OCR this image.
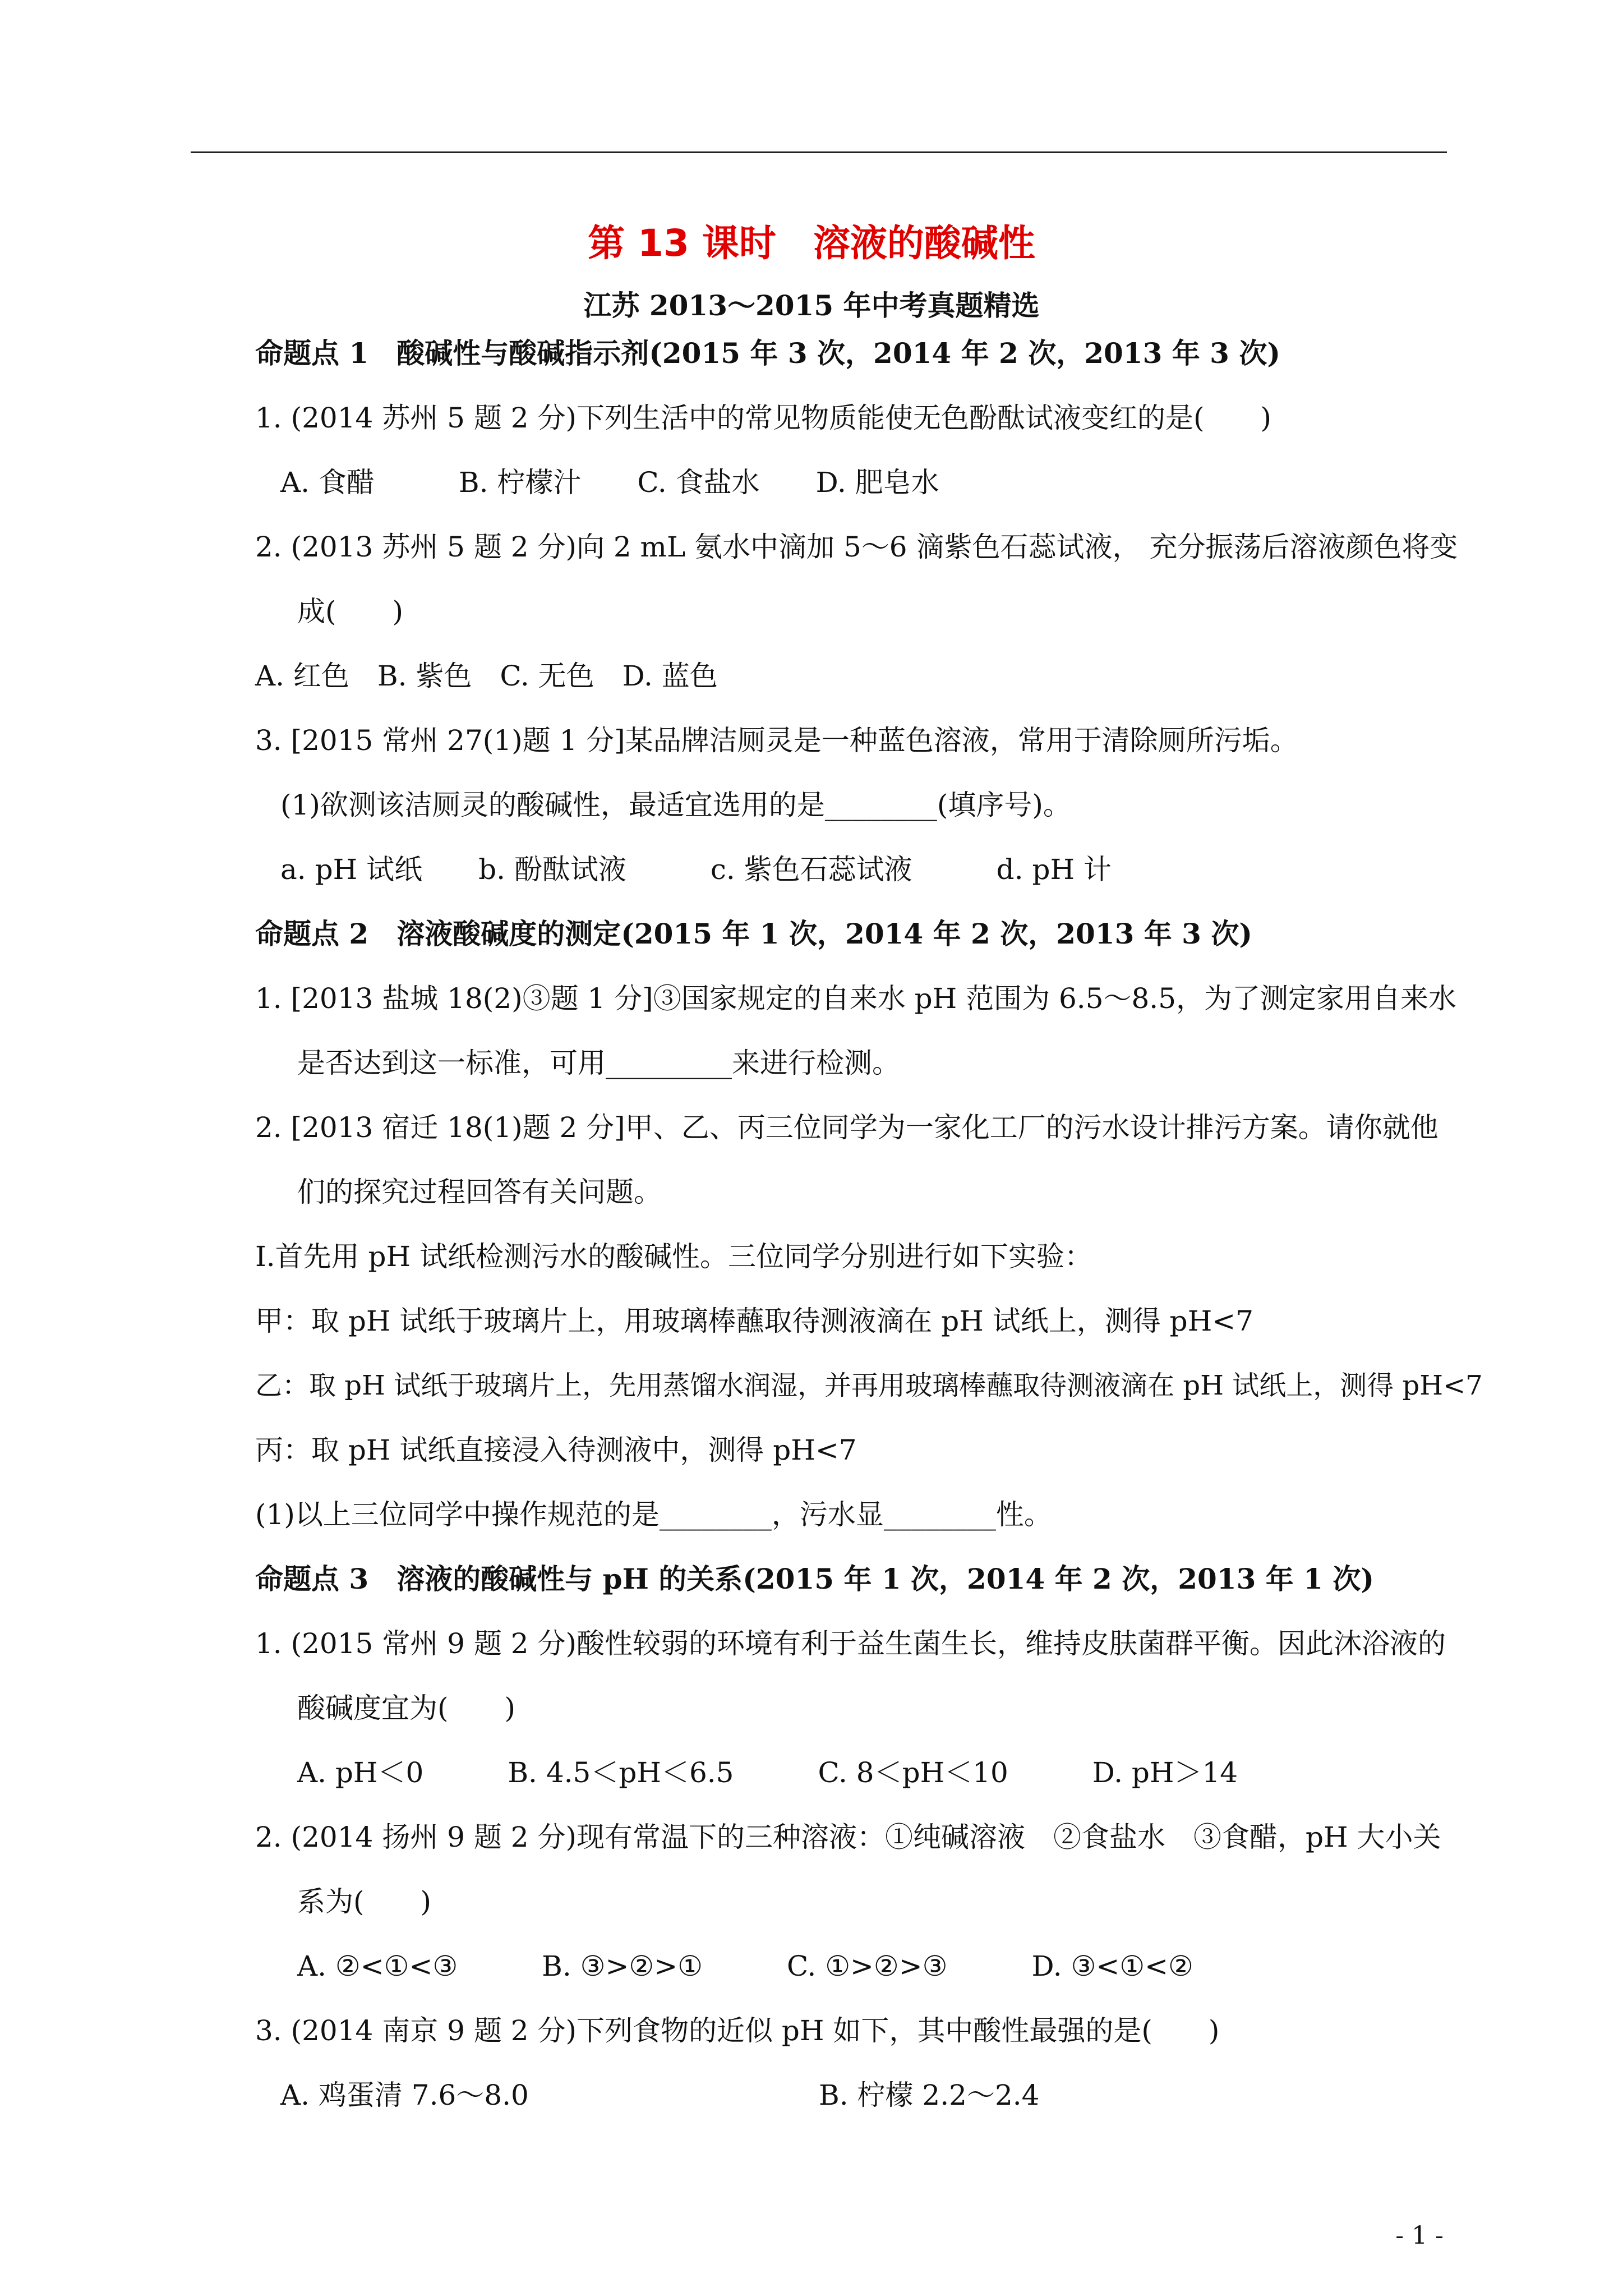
第 13 课时　溶液的酸碱性
江苏 2013～2015 年中考真题精选
命题点 1　酸碱性与酸碱指示剂(2015 年 3 次，2014 年 2 次，2013 年 3 次)
1. (2014 苏州 5 题 2 分)下列生活中的常见物质能使无色酚酞试液变红的是(　　)
A. 食醋　　　B. 柠檬汁　　C. 食盐水　　D. 肥皂水
2. (2013 苏州 5 题 2 分)向 2 mL 氨水中滴加 5～6 滴紫色石蕊试液， 充分振荡后溶液颜色将变
成(　　)
A. 红色　B. 紫色　C. 无色　D. 蓝色
3. [2015 常州 27(1)题 1 分]某品牌洁厕灵是一种蓝色溶液，常用于清除厕所污垢。
(1)欲测该洁厕灵的酸碱性，最适宜选用的是________(填序号)。
a. pH 试纸　　b. 酚酞试液　　　c. 紫色石蕊试液　　　d. pH 计
命题点 2　溶液酸碱度的测定(2015 年 1 次，2014 年 2 次，2013 年 3 次)
1. [2013 盐城 18(2)③题 1 分]③国家规定的自来水 pH 范围为 6.5～8.5，为了测定家用自来水
是否达到这一标准，可用_________来进行检测。
2. [2013 宿迁 18(1)题 2 分]甲、乙、丙三位同学为一家化工厂的污水设计排污方案。请你就他
们的探究过程回答有关问题。
Ⅰ.首先用 pH 试纸检测污水的酸碱性。三位同学分别进行如下实验：
甲：取 pH 试纸于玻璃片上，用玻璃棒蘸取待测液滴在 pH 试纸上，测得 pH<7
乙：取 pH 试纸于玻璃片上，先用蒸馏水润湿，并再用玻璃棒蘸取待测液滴在 pH 试纸上，测得 pH<7
丙：取 pH 试纸直接浸入待测液中，测得 pH<7
(1)以上三位同学中操作规范的是________，污水显________性。
命题点 3　溶液的酸碱性与 pH 的关系(2015 年 1 次，2014 年 2 次，2013 年 1 次)
1. (2015 常州 9 题 2 分)酸性较弱的环境有利于益生菌生长，维持皮肤菌群平衡。因此沐浴液的
酸碱度宜为(　　)
A. pH＜0　　　B. 4.5＜pH＜6.5　　　C. 8＜pH＜10　　　D. pH＞14
2. (2014 扬州 9 题 2 分)现有常温下的三种溶液：①纯碱溶液　②食盐水　③食醋，pH 大小关
系为(　　)
A. ②<①<③　　　B. ③>②>①　　　C. ①>②>③　　　D. ③<①<②
3. (2014 南京 9 题 2 分)下列食物的近似 pH 如下，其中酸性最强的是(　　)
A. 鸡蛋清 7.6～8.0	B. 柠檬 2.2～2.4
- 1 -
